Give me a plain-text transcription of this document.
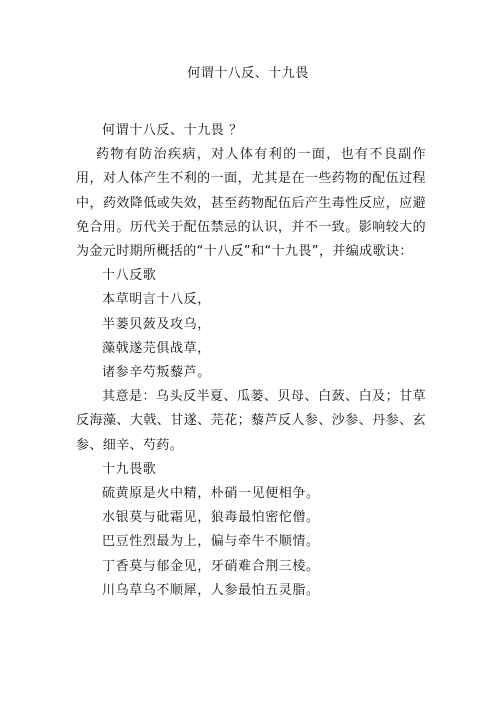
何谓十八反、十九畏

何谓十八反、十九畏 ？

药物有防治疾病，对人体有利的一面，也有不良副作用，对人体产生不利的一面，尤其是在一些药物的配伍过程中，药效降低或失效，甚至药物配伍后产生毒性反应，应避免合用。历代关于配伍禁忌的认识，并不一致。影响较大的为金元时期所概括的“十八反”和“十九畏”，并编成歌诀：

十八反歌

本草明言十八反，

半蒌贝蔹及攻乌，

藻戟遂芫俱战草，

诸参辛芍叛藜芦。

其意是：乌头反半夏、瓜蒌、贝母、白蔹、白及；甘草反海藻、大戟、甘遂、芫花；藜芦反人参、沙参、丹参、玄参、细辛、芍药。

十九畏歌

硫黄原是火中精，朴硝一见便相争。

水银莫与砒霜见，狼毒最怕密佗僧。

巴豆性烈最为上，偏与牵牛不顺情。

丁香莫与郁金见，牙硝难合荆三棱。

川乌草乌不顺犀，人参最怕五灵脂。
